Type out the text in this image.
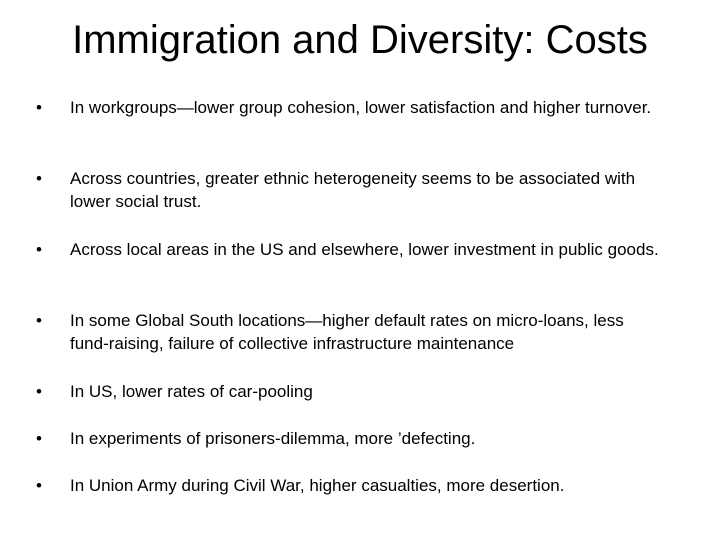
Immigration and Diversity: Costs
•	In workgroups—lower group cohesion, lower satisfaction and higher turnover.
•	Across countries, greater ethnic heterogeneity seems to be associated with lower social trust.
•	Across local areas in the US and elsewhere, lower investment in public goods.
•	In some Global South locations—higher default rates on micro-loans, less fund-raising, failure of collective infrastructure maintenance
•	In US, lower rates of car-pooling
•	In experiments of prisoners-dilemma, more ’defecting.
•	In Union Army during Civil War, higher casualties, more desertion.
